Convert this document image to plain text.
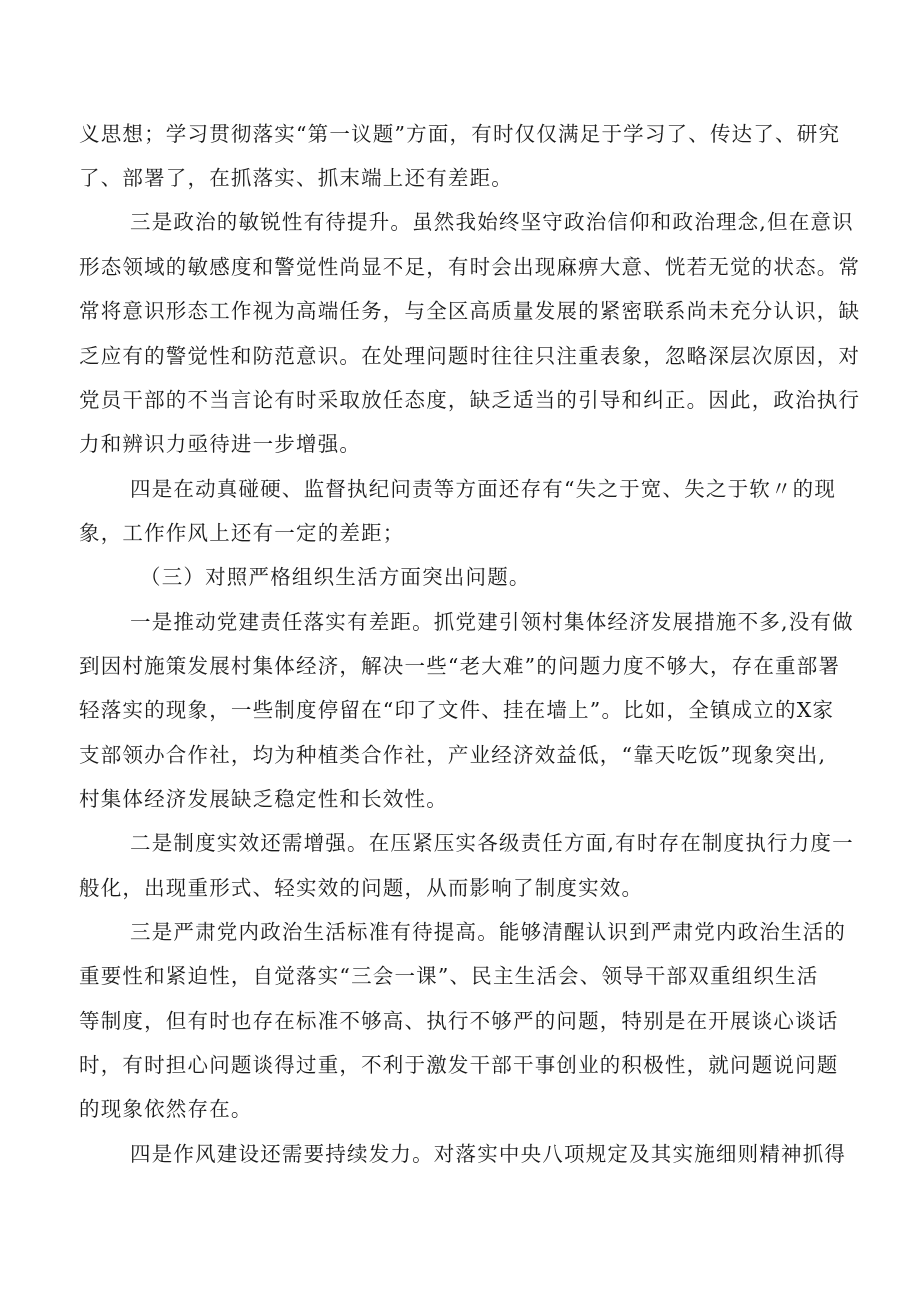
义思想；学习贯彻落实“第一议题”方面，有时仅仅满足于学习了、传达了、研究
了、部署了，在抓落实、抓末端上还有差距。
三是政治的敏锐性有待提升。虽然我始终坚守政治信仰和政治理念,但在意识
形态领域的敏感度和警觉性尚显不足，有时会出现麻痹大意、恍若无觉的状态。常
常将意识形态工作视为高端任务，与全区高质量发展的紧密联系尚未充分认识，缺
乏应有的警觉性和防范意识。在处理问题时往往只注重表象，忽略深层次原因，对
党员干部的不当言论有时采取放任态度，缺乏适当的引导和纠正。因此，政治执行
力和辨识力亟待进一步增强。
四是在动真碰硬、监督执纪问责等方面还存有“失之于宽、失之于软〃的现
象，工作作风上还有一定的差距；
（三）对照严格组织生活方面突出问题。
一是推动党建责任落实有差距。抓党建引领村集体经济发展措施不多,没有做
到因村施策发展村集体经济，解决一些“老大难”的问题力度不够大，存在重部署
轻落实的现象，一些制度停留在“印了文件、挂在墙上”。比如，全镇成立的X家
支部领办合作社，均为种植类合作社，产业经济效益低，“靠天吃饭”现象突出,
村集体经济发展缺乏稳定性和长效性。
二是制度实效还需增强。在压紧压实各级责任方面,有时存在制度执行力度一
般化，出现重形式、轻实效的问题，从而影响了制度实效。
三是严肃党内政治生活标准有待提高。能够清醒认识到严肃党内政治生活的
重要性和紧迫性，自觉落实“三会一课”、民主生活会、领导干部双重组织生活
等制度，但有时也存在标准不够高、执行不够严的问题，特别是在开展谈心谈话
时，有时担心问题谈得过重，不利于激发干部干事创业的积极性，就问题说问题
的现象依然存在。
四是作风建设还需要持续发力。对落实中央八项规定及其实施细则精神抓得
